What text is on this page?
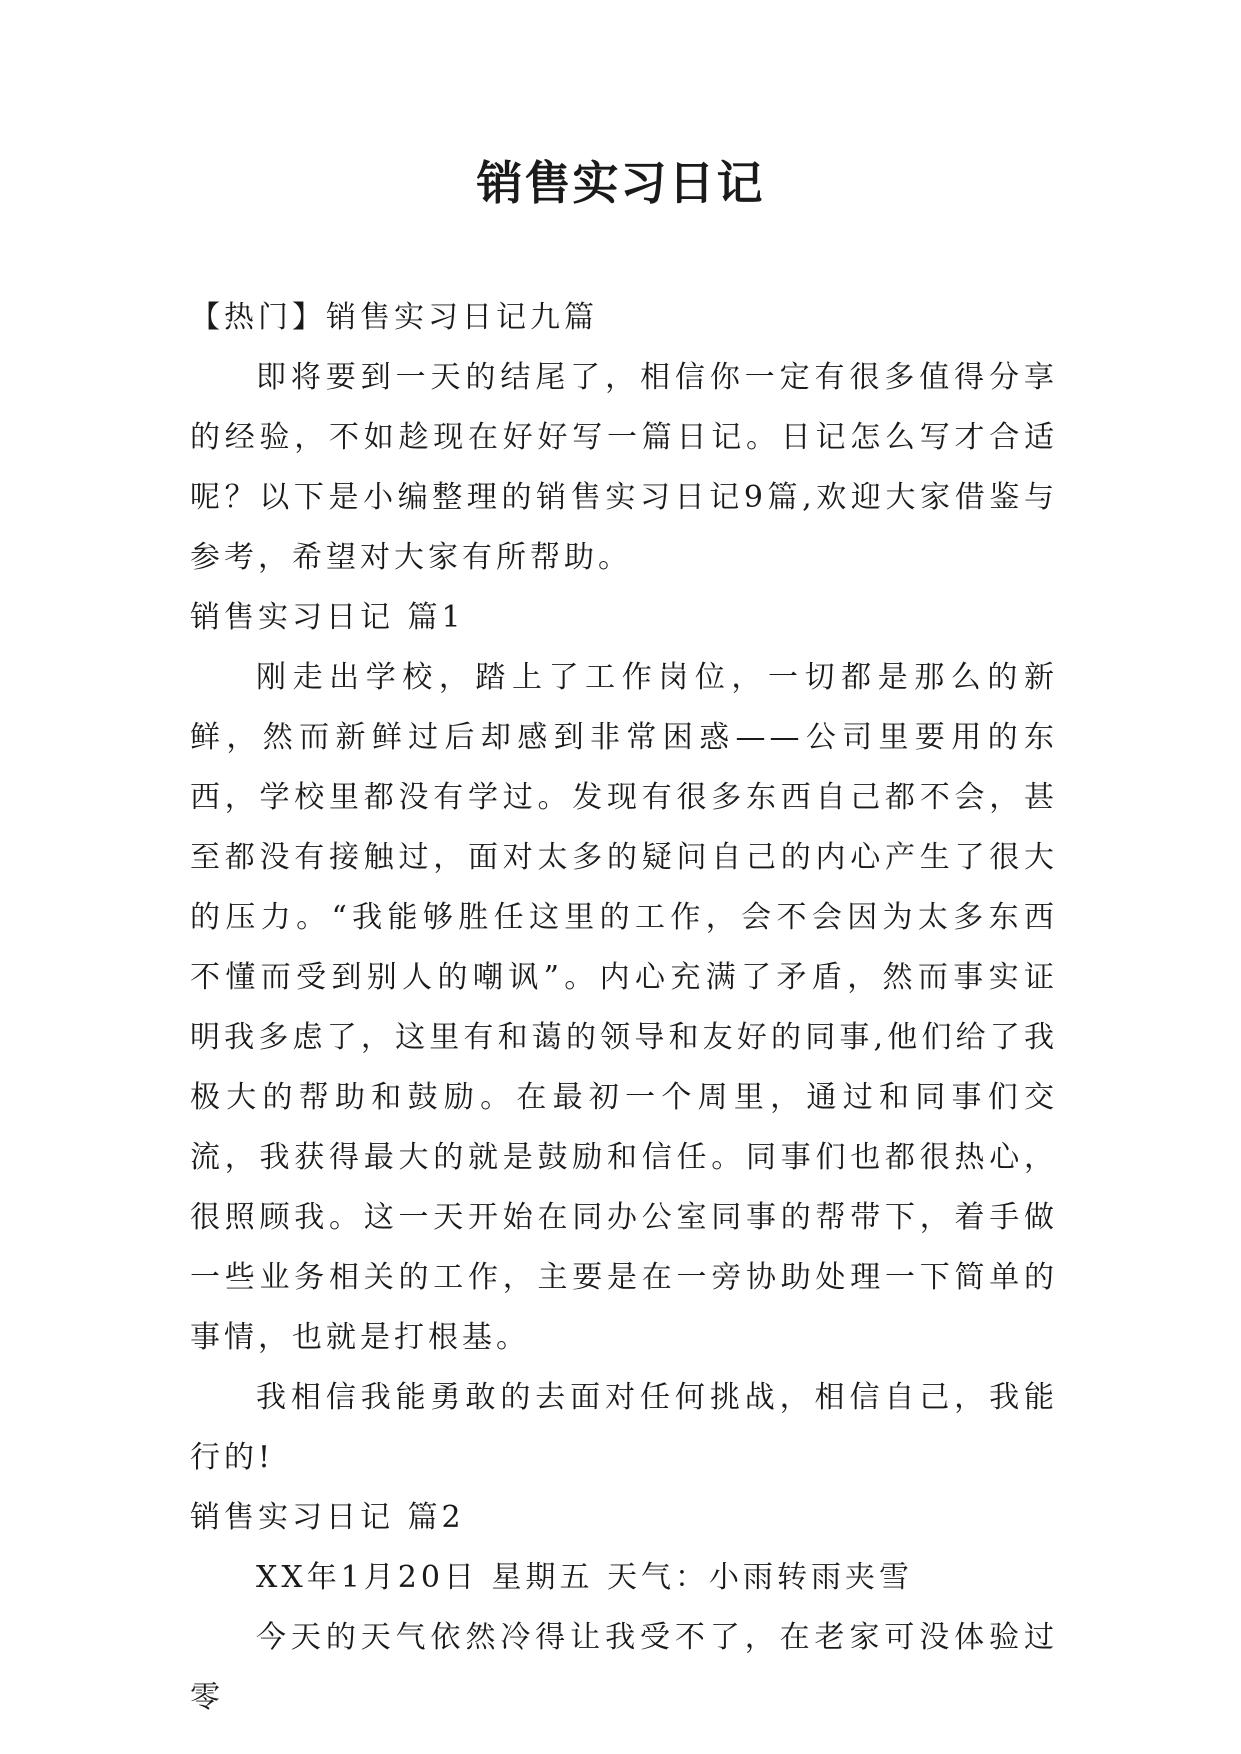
销售实习日记

【热门】销售实习日记九篇

即将要到一天的结尾了，相信你一定有很多值得分享的经验，不如趁现在好好写一篇日记。日记怎么写才合适呢？以下是小编整理的销售实习日记9篇,欢迎大家借鉴与参考，希望对大家有所帮助。

销售实习日记 篇1

刚走出学校，踏上了工作岗位，一切都是那么的新鲜，然而新鲜过后却感到非常困惑——公司里要用的东西，学校里都没有学过。发现有很多东西自己都不会，甚至都没有接触过，面对太多的疑问自己的内心产生了很大的压力。“我能够胜任这里的工作，会不会因为太多东西不懂而受到别人的嘲讽”。内心充满了矛盾，然而事实证明我多虑了，这里有和蔼的领导和友好的同事,他们给了我极大的帮助和鼓励。在最初一个周里，通过和同事们交流，我获得最大的就是鼓励和信任。同事们也都很热心，很照顾我。这一天开始在同办公室同事的帮带下，着手做一些业务相关的工作，主要是在一旁协助处理一下简单的事情，也就是打根基。

我相信我能勇敢的去面对任何挑战，相信自己，我能行的!

销售实习日记 篇2

XX年1月20日 星期五 天气：小雨转雨夹雪

今天的天气依然冷得让我受不了，在老家可没体验过零
